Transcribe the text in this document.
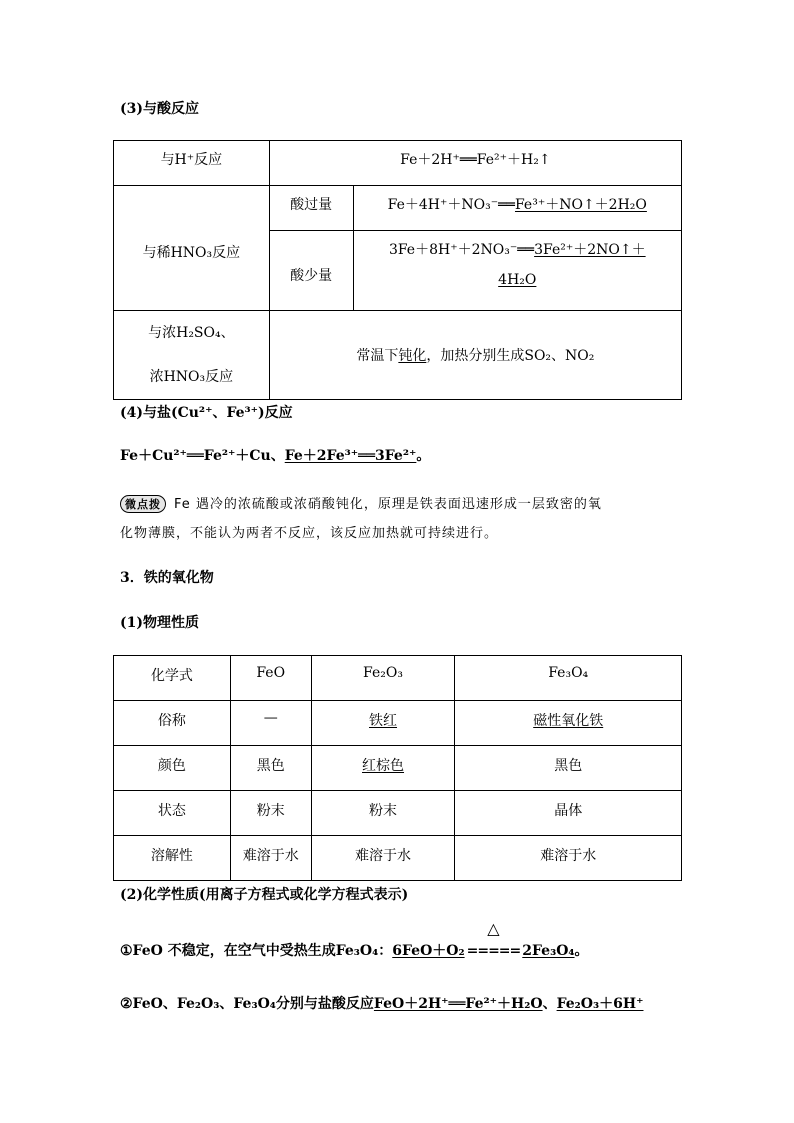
(3)与酸反应
与H⁺反应	Fe＋2H⁺══Fe²⁺＋H₂↑	
与稀HNO₃反应	酸过量	Fe＋4H⁺＋NO₃⁻══Fe³⁺＋NO↑＋2H₂O
	酸少量	3Fe＋8H⁺＋2NO₃⁻══3Fe²⁺＋2NO↑＋
4H₂O
与浓H₂SO₄、
浓HNO₃反应	常温下钝化，加热分别生成SO₂、NO₂	
(4)与盐(Cu²⁺、Fe³⁺)反应
Fe＋Cu²⁺══Fe²⁺＋Cu、Fe＋2Fe³⁺══3Fe²⁺。
微点拨 Fe 遇冷的浓硫酸或浓硝酸钝化，原理是铁表面迅速形成一层致密的氧
化物薄膜，不能认为两者不反应，该反应加热就可持续进行。
3．铁的氧化物
(1)物理性质
化学式	FeO	Fe₂O₃	Fe₃O₄
俗称	—	铁红	磁性氧化铁
颜色	黑色	红棕色	黑色
状态	粉末	粉末	晶体
溶解性	难溶于水	难溶于水	难溶于水
(2)化学性质(用离子方程式或化学方程式表示)
①FeO 不稳定，在空气中受热生成Fe₃O₄：6FeO＋O₂
△
===== 2Fe₃O₄。
②FeO、Fe₂O₃、Fe₃O₄分别与盐酸反应FeO＋2H⁺══Fe²⁺＋H₂O、Fe₂O₃＋6H⁺
